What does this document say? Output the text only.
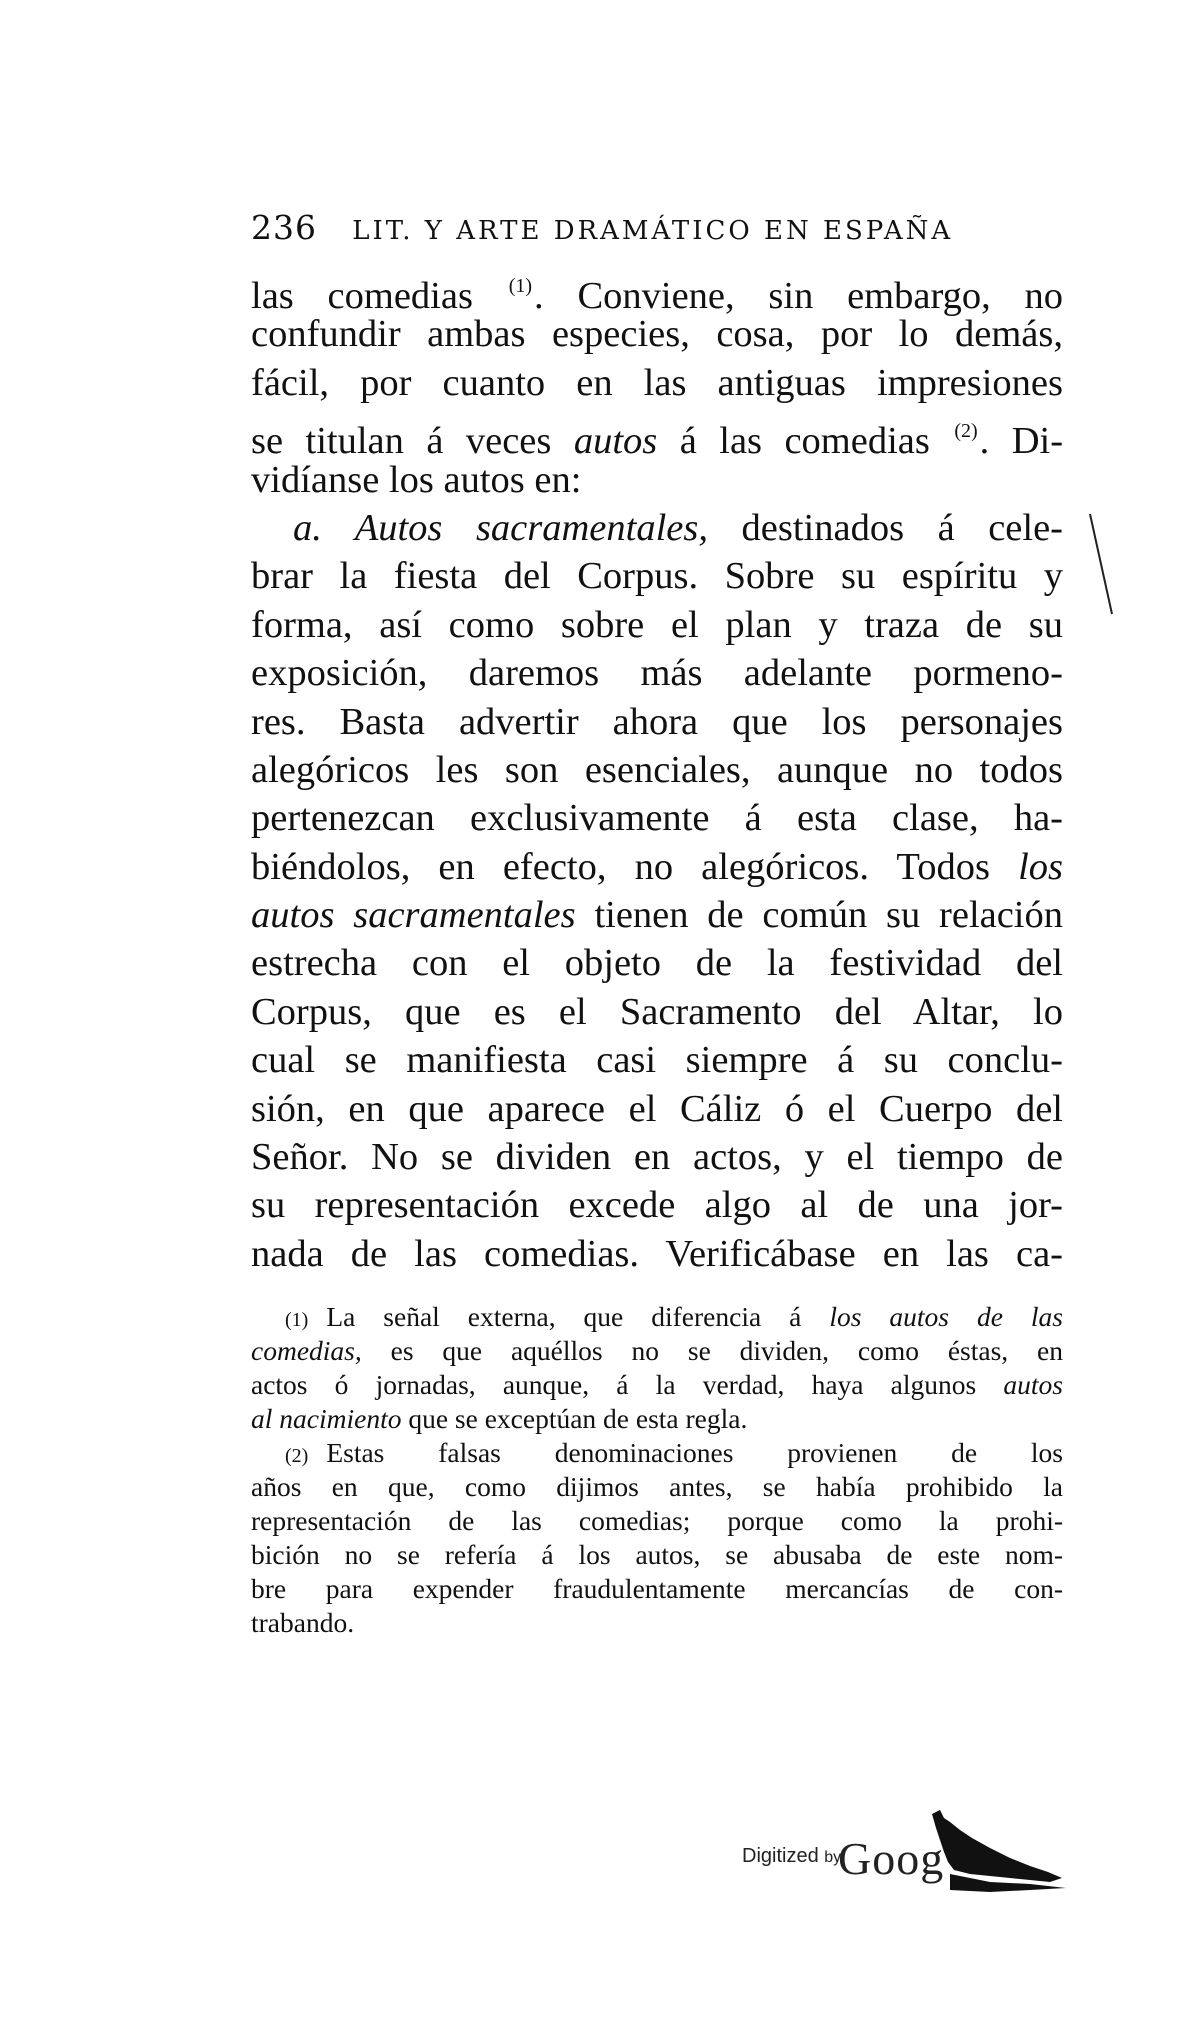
236 LIT. Y ARTE DRAMÁTICO EN ESPAÑA
las comedias $^{(1)}$. Conviene, sin embargo, no
confundir ambas especies, cosa, por lo demás,
fácil, por cuanto en las antiguas impresiones
se titulan á veces autos á las comedias $^{(2)}$. Di-
vidíanse los autos en:
a. Autos sacramentales, destinados á cele-
brar la fiesta del Corpus. Sobre su espíritu y
forma, así como sobre el plan y traza de su
exposición, daremos más adelante pormeno-
res. Basta advertir ahora que los personajes
alegóricos les son esenciales, aunque no todos
pertenezcan exclusivamente á esta clase, ha-
biéndolos, en efecto, no alegóricos. Todos los
autos sacramentales tienen de común su relación
estrecha con el objeto de la festividad del
Corpus, que es el Sacramento del Altar, lo
cual se manifiesta casi siempre á su conclu-
sión, en que aparece el Cáliz ó el Cuerpo del
Señor. No se dividen en actos, y el tiempo de
su representación excede algo al de una jor-
nada de las comedias. Verificábase en las ca-
(1) La señal externa, que diferencia á los autos de las
comedias, es que aquéllos no se dividen, como éstas, en
actos ó jornadas, aunque, á la verdad, haya algunos autos
al nacimiento que se exceptúan de esta regla.
(2) Estas falsas denominaciones provienen de los
años en que, como dijimos antes, se había prohibido la
representación de las comedias; porque como la prohi-
bición no se refería á los autos, se abusaba de este nom-
bre para expender fraudulentamente mercancías de con-
trabando.
Digitized by
Goog
